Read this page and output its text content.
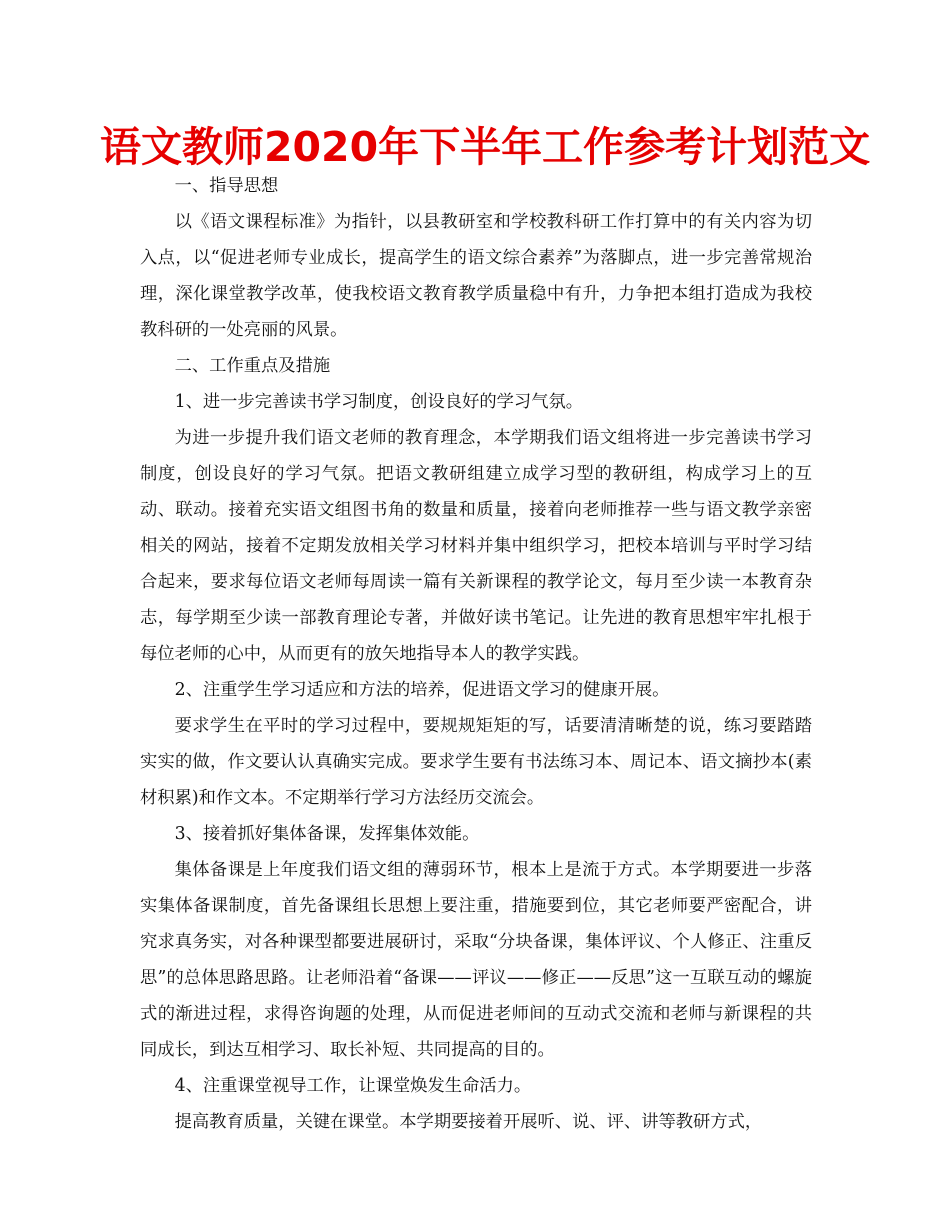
语文教师2020年下半年工作参考计划范文

一、指导思想

以《语文课程标准》为指针，以县教研室和学校教科研工作打算中的有关内容为切入点，以“促进老师专业成长，提高学生的语文综合素养”为落脚点，进一步完善常规治理，深化课堂教学改革，使我校语文教育教学质量稳中有升，力争把本组打造成为我校教科研的一处亮丽的风景。

二、工作重点及措施

1、进一步完善读书学习制度，创设良好的学习气氛。

为进一步提升我们语文老师的教育理念，本学期我们语文组将进一步完善读书学习制度，创设良好的学习气氛。把语文教研组建立成学习型的教研组，构成学习上的互动、联动。接着充实语文组图书角的数量和质量，接着向老师推荐一些与语文教学亲密相关的网站，接着不定期发放相关学习材料并集中组织学习，把校本培训与平时学习结合起来，要求每位语文老师每周读一篇有关新课程的教学论文，每月至少读一本教育杂志，每学期至少读一部教育理论专著，并做好读书笔记。让先进的教育思想牢牢扎根于每位老师的心中，从而更有的放矢地指导本人的教学实践。

2、注重学生学习适应和方法的培养，促进语文学习的健康开展。

要求学生在平时的学习过程中，要规规矩矩的写，话要清清晰楚的说，练习要踏踏实实的做，作文要认认真确实完成。要求学生要有书法练习本、周记本、语文摘抄本(素材积累)和作文本。不定期举行学习方法经历交流会。

3、接着抓好集体备课，发挥集体效能。

集体备课是上年度我们语文组的薄弱环节，根本上是流于方式。本学期要进一步落实集体备课制度，首先备课组长思想上要注重，措施要到位，其它老师要严密配合，讲究求真务实，对各种课型都要进展研讨，采取“分块备课，集体评议、个人修正、注重反思”的总体思路思路。让老师沿着“备课——评议——修正——反思”这一互联互动的螺旋式的渐进过程，求得咨询题的处理，从而促进老师间的互动式交流和老师与新课程的共同成长，到达互相学习、取长补短、共同提高的目的。

4、注重课堂视导工作，让课堂焕发生命活力。

提高教育质量，关键在课堂。本学期要接着开展听、说、评、讲等教研方式，
